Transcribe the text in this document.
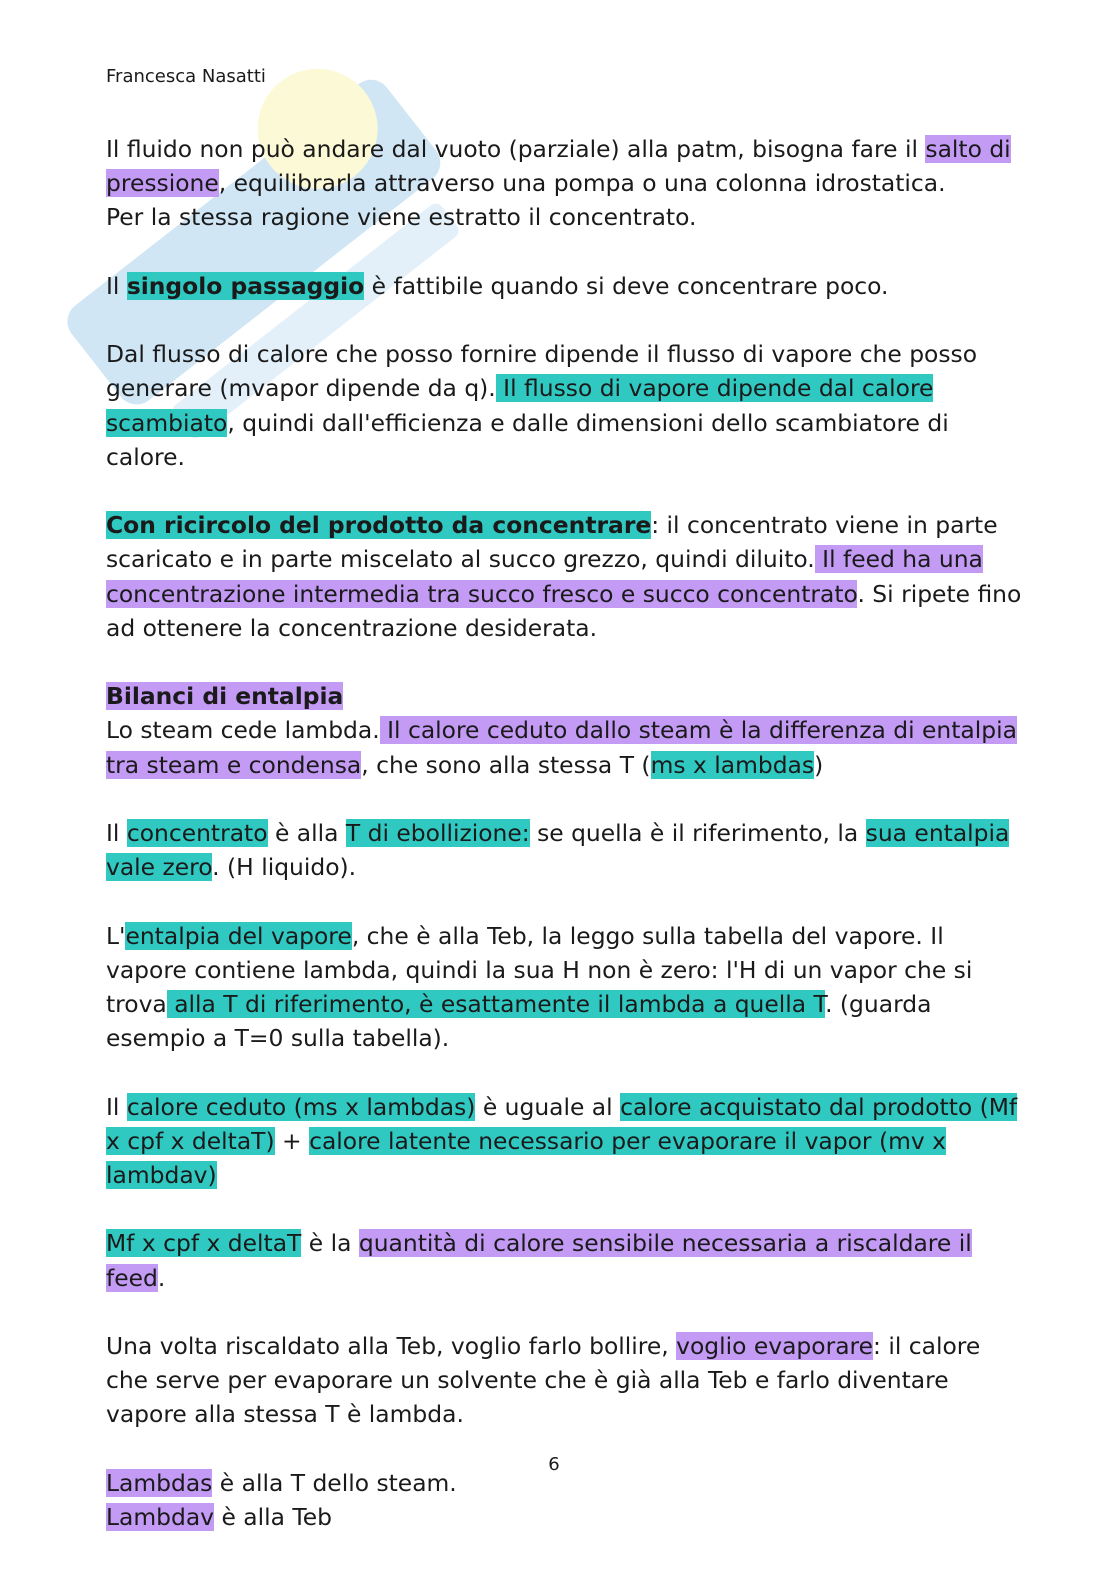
Francesca Nasatti

Il fluido non può andare dal vuoto (parziale) alla patm, bisogna fare il salto di pressione, equilibrarla attraverso una pompa o una colonna idrostatica.
Per la stessa ragione viene estratto il concentrato.

Il singolo passaggio è fattibile quando si deve concentrare poco.

Dal flusso di calore che posso fornire dipende il flusso di vapore che posso generare (mvapor dipende da q). Il flusso di vapore dipende dal calore scambiato, quindi dall'efficienza e dalle dimensioni dello scambiatore di calore.

Con ricircolo del prodotto da concentrare: il concentrato viene in parte scaricato e in parte miscelato al succo grezzo, quindi diluito. Il feed ha una concentrazione intermedia tra succo fresco e succo concentrato. Si ripete fino ad ottenere la concentrazione desiderata.

Bilanci di entalpia
Lo steam cede lambda. Il calore ceduto dallo steam è la differenza di entalpia tra steam e condensa, che sono alla stessa T (ms x lambdas)

Il concentrato è alla T di ebollizione: se quella è il riferimento, la sua entalpia vale zero. (H liquido).

L'entalpia del vapore, che è alla Teb, la leggo sulla tabella del vapore. Il vapore contiene lambda, quindi la sua H non è zero: l'H di un vapor che si trova alla T di riferimento, è esattamente il lambda a quella T. (guarda esempio a T=0 sulla tabella).

Il calore ceduto (ms x lambdas) è uguale al calore acquistato dal prodotto (Mf x cpf x deltaT) + calore latente necessario per evaporare il vapor (mv x lambdav)

Mf x cpf x deltaT è la quantità di calore sensibile necessaria a riscaldare il feed.

Una volta riscaldato alla Teb, voglio farlo bollire, voglio evaporare: il calore che serve per evaporare un solvente che è già alla Teb e farlo diventare vapore alla stessa T è lambda.

Lambdas è alla T dello steam.
Lambdav è alla Teb

6
